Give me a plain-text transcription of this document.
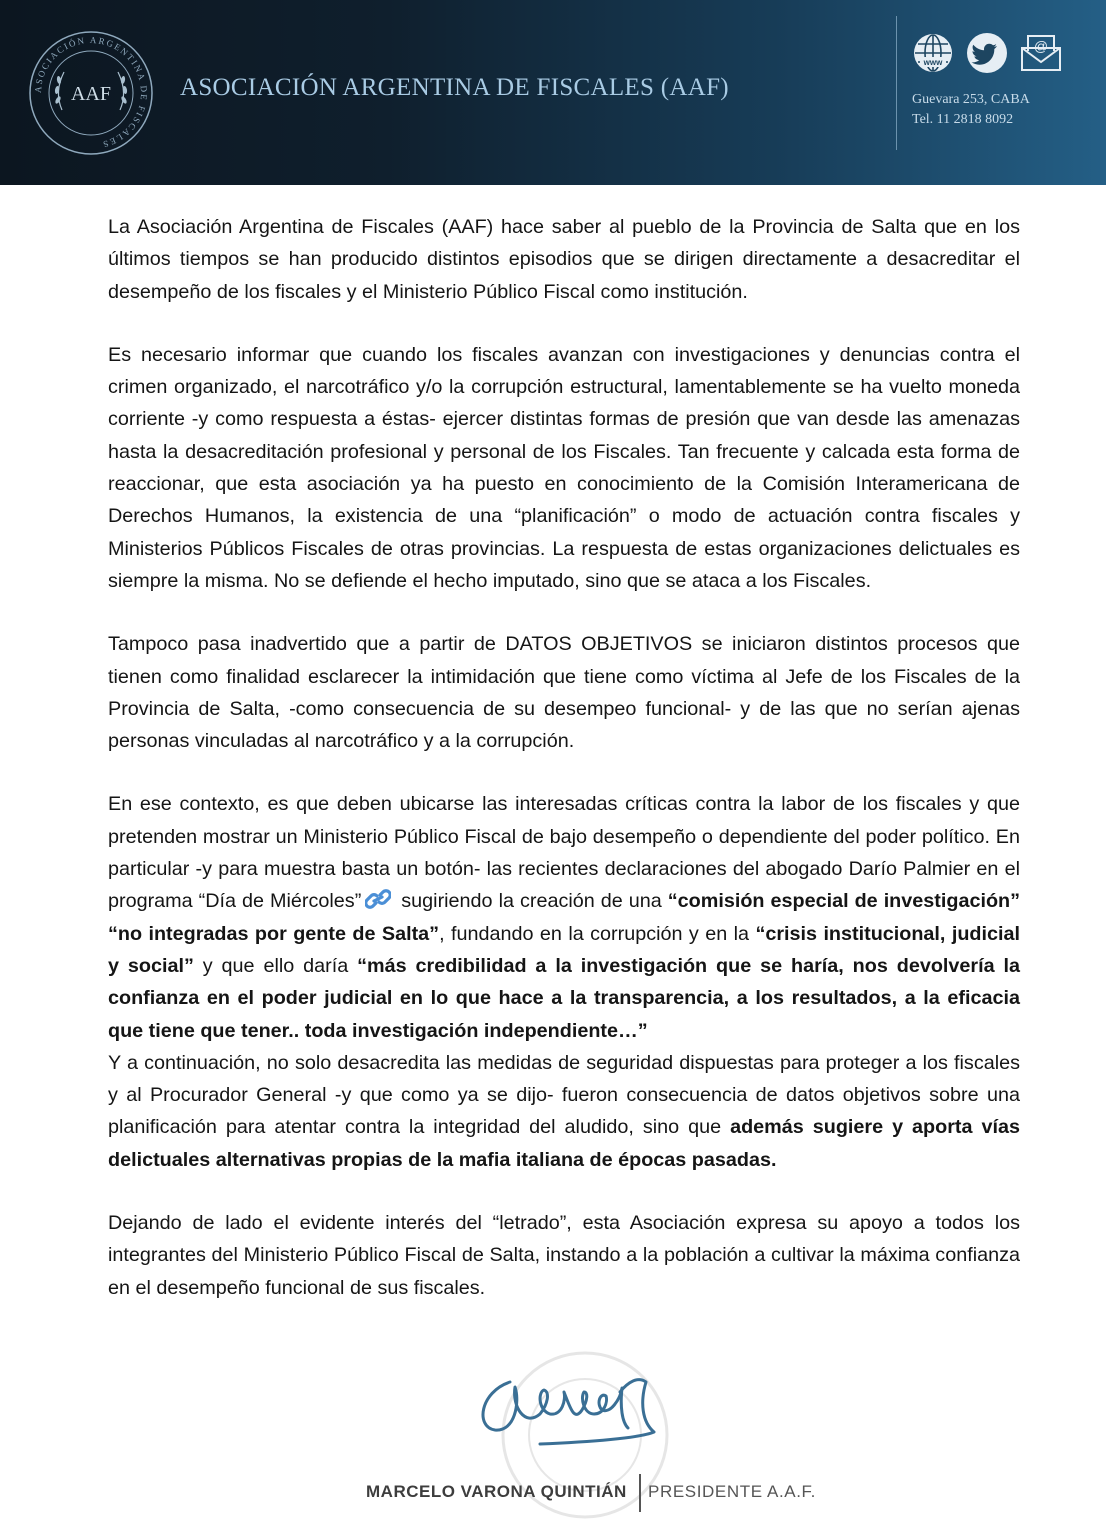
ASOCIACIÓN ARGENTINA DE FISCALES
AAF	ASOCIACIÓN ARGENTINA DE FISCALES (AAF)
www
@
Guevara 253, CABA
Tel. 11 2818 8092

La Asociación Argentina de Fiscales (AAF) hace saber al pueblo de la Provincia de Salta que en los últimos tiempos se han producido distintos episodios que se dirigen directamente a desacreditar el desempeño de los fiscales y el Ministerio Público Fiscal como institución.

Es necesario informar que cuando los fiscales avanzan con investigaciones y denuncias contra el crimen organizado, el narcotráfico y/o la corrupción estructural, lamentablemente se ha vuelto moneda corriente -y como respuesta a éstas- ejercer distintas formas de presión que van desde las amenazas hasta la desacreditación profesional y personal de los Fiscales. Tan frecuente y calcada esta forma de reaccionar, que esta asociación ya ha puesto en conocimiento de la Comisión Interamericana de Derechos Humanos, la existencia de una “planificación” o modo de actuación contra fiscales y Ministerios Públicos Fiscales de otras provincias. La respuesta de estas organizaciones delictuales es siempre la misma. No se defiende el hecho imputado, sino que se ataca a los Fiscales.

Tampoco pasa inadvertido que a partir de DATOS OBJETIVOS se iniciaron distintos procesos que tienen como finalidad esclarecer la intimidación que tiene como víctima al Jefe de los Fiscales de la Provincia de Salta, -como consecuencia de su desempeo funcional- y de las que no serían ajenas personas vinculadas al narcotráfico y a la corrupción.

En ese contexto, es que deben ubicarse las interesadas críticas contra la labor de los fiscales y que pretenden mostrar un Ministerio Público Fiscal de bajo desempeño o dependiente del poder político. En particular -y para muestra basta un botón- las recientes declaraciones del abogado Darío Palmier en el programa “Día de Miércoles” sugiriendo la creación de una “comisión especial de investigación” “no integradas por gente de Salta”, fundando en la corrupción y en la “crisis institucional, judicial y social” y que ello daría “más credibilidad a la investigación que se haría, nos devolvería la confianza en el poder judicial en lo que hace a la transparencia, a los resultados, a la eficacia que tiene que tener.. toda investigación independiente…”

Y a continuación, no solo desacredita las medidas de seguridad dispuestas para proteger a los fiscales y al Procurador General -y que como ya se dijo- fueron consecuencia de datos objetivos sobre una planificación para atentar contra la integridad del aludido, sino que además sugiere y aporta vías delictuales alternativas propias de la mafia italiana de épocas pasadas.

Dejando de lado el evidente interés del “letrado”, esta Asociación expresa su apoyo a todos los integrantes del Ministerio Público Fiscal de Salta, instando a la población a cultivar la máxima confianza en el desempeño funcional de sus fiscales.

MARCELO VARONA QUINTIÁN PRESIDENTE A.A.F.
